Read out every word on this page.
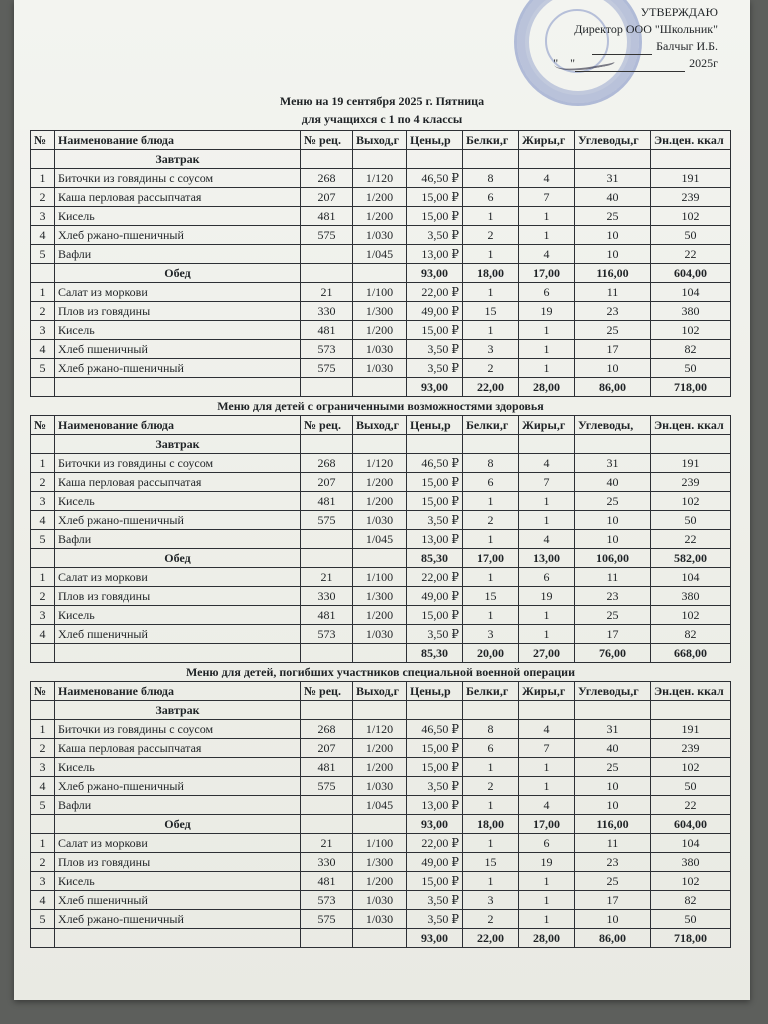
УТВЕРЖДАЮ
Директор ООО "Школьник"
Балчыг И.Б.
" "	2025г
Меню на 19 сентября 2025 г. Пятница
для учащихся с 1 по 4 классы
№	Наименование блюда	№ рец.	Выход,г	Цены,р	Белки,г	Жиры,г	Углеводы,г	Эн.цен. ккал
	Завтрак							
1	Биточки из говядины с соусом	268	1/120	46,50 ₽	8	4	31	191
2	Каша перловая рассыпчатая	207	1/200	15,00 ₽	6	7	40	239
3	Кисель	481	1/200	15,00 ₽	1	1	25	102
4	Хлеб ржано-пшеничный	575	1/030	3,50 ₽	2	1	10	50
5	Вафли		1/045	13,00 ₽	1	4	10	22
	Обед			93,00	18,00	17,00	116,00	604,00
1	Салат из моркови	21	1/100	22,00 ₽	1	6	11	104
2	Плов из говядины	330	1/300	49,00 ₽	15	19	23	380
3	Кисель	481	1/200	15,00 ₽	1	1	25	102
4	Хлеб пшеничный	573	1/030	3,50 ₽	3	1	17	82
5	Хлеб ржано-пшеничный	575	1/030	3,50 ₽	2	1	10	50
				93,00	22,00	28,00	86,00	718,00
Меню для детей с ограниченными возможностями здоровья								
№	Наименование блюда	№ рец.	Выход,г	Цены,р	Белки,г	Жиры,г	Углеводы,	Эн.цен. ккал
	Завтрак							
1	Биточки из говядины с соусом	268	1/120	46,50 ₽	8	4	31	191
2	Каша перловая рассыпчатая	207	1/200	15,00 ₽	6	7	40	239
3	Кисель	481	1/200	15,00 ₽	1	1	25	102
4	Хлеб ржано-пшеничный	575	1/030	3,50 ₽	2	1	10	50
5	Вафли		1/045	13,00 ₽	1	4	10	22
	Обед			85,30	17,00	13,00	106,00	582,00
1	Салат из моркови	21	1/100	22,00 ₽	1	6	11	104
2	Плов из говядины	330	1/300	49,00 ₽	15	19	23	380
3	Кисель	481	1/200	15,00 ₽	1	1	25	102
4	Хлеб пшеничный	573	1/030	3,50 ₽	3	1	17	82
				85,30	20,00	27,00	76,00	668,00
Меню для детей, погибших участников специальной военной операции								
№	Наименование блюда	№ рец.	Выход,г	Цены,р	Белки,г	Жиры,г	Углеводы,г	Эн.цен. ккал
	Завтрак							
1	Биточки из говядины с соусом	268	1/120	46,50 ₽	8	4	31	191
2	Каша перловая рассыпчатая	207	1/200	15,00 ₽	6	7	40	239
3	Кисель	481	1/200	15,00 ₽	1	1	25	102
4	Хлеб ржано-пшеничный	575	1/030	3,50 ₽	2	1	10	50
5	Вафли		1/045	13,00 ₽	1	4	10	22
	Обед			93,00	18,00	17,00	116,00	604,00
1	Салат из моркови	21	1/100	22,00 ₽	1	6	11	104
2	Плов из говядины	330	1/300	49,00 ₽	15	19	23	380
3	Кисель	481	1/200	15,00 ₽	1	1	25	102
4	Хлеб пшеничный	573	1/030	3,50 ₽	3	1	17	82
5	Хлеб ржано-пшеничный	575	1/030	3,50 ₽	2	1	10	50
				93,00	22,00	28,00	86,00	718,00
